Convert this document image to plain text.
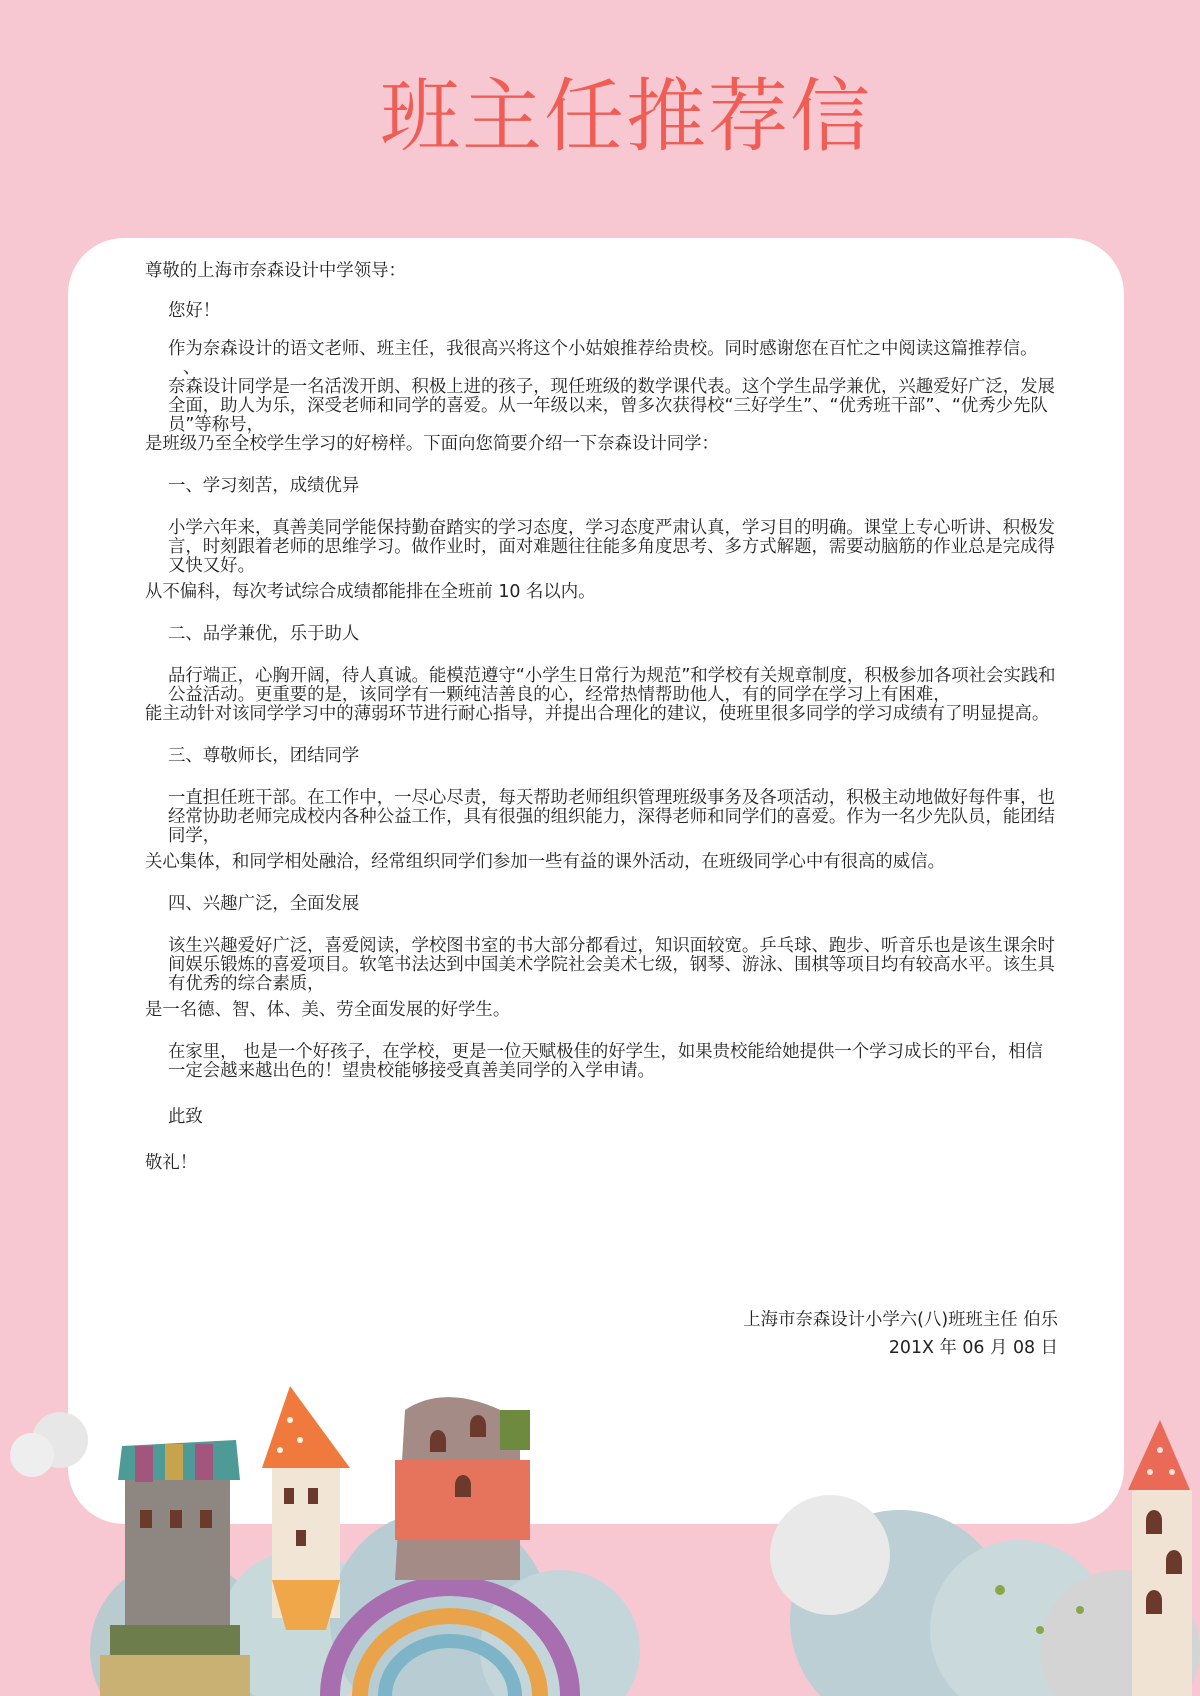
班主任推荐信

尊敬的上海市奈森设计中学领导：

您好！

作为奈森设计的语文老师、班主任，我很高兴将这个小姑娘推荐给贵校。同时感谢您在百忙之中阅读这篇推荐信。

、

奈森设计同学是一名活泼开朗、积极上进的孩子，现任班级的数学课代表。这个学生品学兼优，兴趣爱好广泛，发展全面，助人为乐，深受老师和同学的喜爱。从一年级以来，曾多次获得校“三好学生”、“优秀班干部”、“优秀少先队员”等称号，

是班级乃至全校学生学习的好榜样。下面向您简要介绍一下奈森设计同学：

一、学习刻苦，成绩优异

小学六年来，真善美同学能保持勤奋踏实的学习态度，学习态度严肃认真，学习目的明确。课堂上专心听讲、积极发言，时刻跟着老师的思维学习。做作业时，面对难题往往能多角度思考、多方式解题，需要动脑筋的作业总是完成得又快又好。

从不偏科，每次考试综合成绩都能排在全班前 10 名以内。

二、品学兼优，乐于助人

品行端正，心胸开阔，待人真诚。能模范遵守“小学生日常行为规范”和学校有关规章制度，积极参加各项社会实践和公益活动。更重要的是，该同学有一颗纯洁善良的心，经常热情帮助他人，有的同学在学习上有困难，

能主动针对该同学学习中的薄弱环节进行耐心指导，并提出合理化的建议，使班里很多同学的学习成绩有了明显提高。

三、尊敬师长，团结同学

一直担任班干部。在工作中，一尽心尽责，每天帮助老师组织管理班级事务及各项活动，积极主动地做好每件事，也经常协助老师完成校内各种公益工作，具有很强的组织能力，深得老师和同学们的喜爱。作为一名少先队员，能团结同学，

关心集体，和同学相处融洽，经常组织同学们参加一些有益的课外活动，在班级同学心中有很高的威信。

四、兴趣广泛，全面发展

该生兴趣爱好广泛，喜爱阅读，学校图书室的书大部分都看过，知识面较宽。乒乓球、跑步、听音乐也是该生课余时间娱乐锻炼的喜爱项目。软笔书法达到中国美术学院社会美术七级，钢琴、游泳、围棋等项目均有较高水平。该生具有优秀的综合素质，

是一名德、智、体、美、劳全面发展的好学生。

在家里， 也是一个好孩子，在学校，更是一位天赋极佳的好学生，如果贵校能给她提供一个学习成长的平台，相信一定会越来越出色的！望贵校能够接受真善美同学的入学申请。

此致

敬礼！

上海市奈森设计小学六(八)班班主任 伯乐
201X 年 06 月 08 日
